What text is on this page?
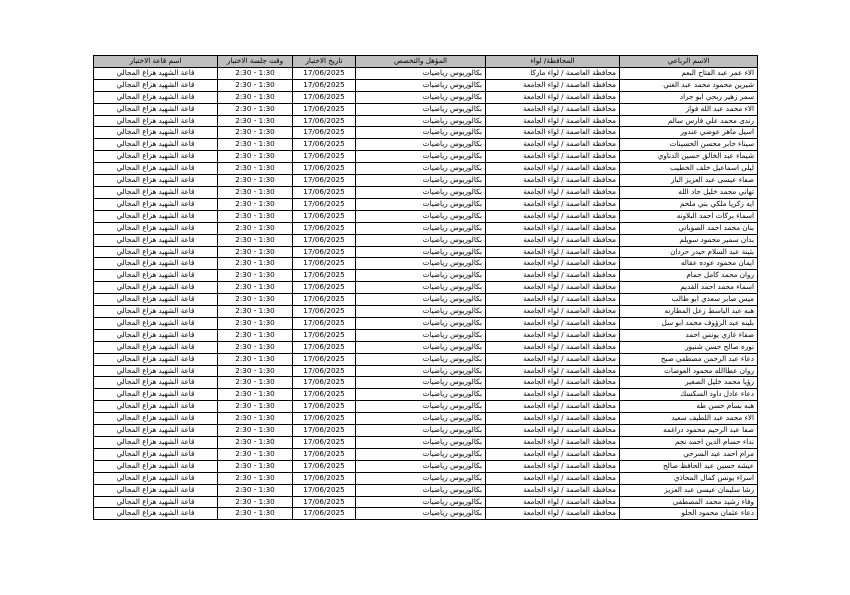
الاسم الرباعي	المحافظة/ لواء	المؤهل والتخصص	تاريخ الاختبار	وقت جلسة الاختبار	اسم قاعة الاختبار
الاء عمر عبد الفتاح البعم	محافظة العاصمة / لواء ماركا	بكالوريوس رياضيات	17/06/2025	1:30 - 2:30	قاعة الشهيد هزاع المجالي
شيرين محمود محمد عبد الغني	محافظة العاصمة / لواء الجامعة	بكالوريوس رياضيات	17/06/2025	1:30 - 2:30	قاعة الشهيد هزاع المجالي
سمر زهير ربحي ابو جراد	محافظة العاصمة / لواء الجامعة	بكالوريوس رياضيات	17/06/2025	1:30 - 2:30	قاعة الشهيد هزاع المجالي
الاء محمد عبد الله فواز	محافظة العاصمة / لواء الجامعة	بكالوريوس رياضيات	17/06/2025	1:30 - 2:30	قاعة الشهيد هزاع المجالي
رندى محمد علي فارس سالم	محافظة العاصمة / لواء الجامعة	بكالوريوس رياضيات	17/06/2025	1:30 - 2:30	قاعة الشهيد هزاع المجالي
اسيل ماهر عوضي عندور	محافظة العاصمة / لواء الجامعة	بكالوريوس رياضيات	17/06/2025	1:30 - 2:30	قاعة الشهيد هزاع المجالي
سيناء جابر محسن الحسينات	محافظة العاصمة / لواء الجامعة	بكالوريوس رياضيات	17/06/2025	1:30 - 2:30	قاعة الشهيد هزاع المجالي
شيماء عبد الخالق حسين الدناوي	محافظة العاصمة / لواء الجامعة	بكالوريوس رياضيات	17/06/2025	1:30 - 2:30	قاعة الشهيد هزاع المجالي
ليلى اسماعيل خلف الخطيب	محافظة العاصمة / لواء الجامعة	بكالوريوس رياضيات	17/06/2025	1:30 - 2:30	قاعة الشهيد هزاع المجالي
صفاء عيسى عبد العزيز الباز	محافظة العاصمة / لواء الجامعة	بكالوريوس رياضيات	17/06/2025	1:30 - 2:30	قاعة الشهيد هزاع المجالي
تهاني محمد خليل جاد الله	محافظة العاصمة / لواء الجامعة	بكالوريوس رياضيات	17/06/2025	1:30 - 2:30	قاعة الشهيد هزاع المجالي
ايه زكريا ملكي بني ملحم	محافظة العاصمة / لواء الجامعة	بكالوريوس رياضيات	17/06/2025	1:30 - 2:30	قاعة الشهيد هزاع المجالي
اسماء بركات احمد البلاونه	محافظة العاصمة / لواء الجامعة	بكالوريوس رياضيات	17/06/2025	1:30 - 2:30	قاعة الشهيد هزاع المجالي
بنان محمد احمد الصوباني	محافظة العاصمة / لواء الجامعة	بكالوريوس رياضيات	17/06/2025	1:30 - 2:30	قاعة الشهيد هزاع المجالي
بدان سمير محمود سويلم	محافظة العاصمة / لواء الجامعة	بكالوريوس رياضيات	17/06/2025	1:30 - 2:30	قاعة الشهيد هزاع المجالي
بثينة عبد السلام حيدر حردان	محافظة العاصمة / لواء الجامعة	بكالوريوس رياضيات	17/06/2025	1:30 - 2:30	قاعة الشهيد هزاع المجالي
ايمان محمود عوده عقاله	محافظة العاصمة / لواء الجامعة	بكالوريوس رياضيات	17/06/2025	1:30 - 2:30	قاعة الشهيد هزاع المجالي
روان محمد كامل حمام	محافظة العاصمة / لواء الجامعة	بكالوريوس رياضيات	17/06/2025	1:30 - 2:30	قاعة الشهيد هزاع المجالي
اسماء محمد احمد القديم	محافظة العاصمة / لواء الجامعة	بكالوريوس رياضيات	17/06/2025	1:30 - 2:30	قاعة الشهيد هزاع المجالي
ميس صابر سعدي ابو طالب	محافظة العاصمة / لواء الجامعة	بكالوريوس رياضيات	17/06/2025	1:30 - 2:30	قاعة الشهيد هزاع المجالي
هبه عبد الباسط زعل المطارنه	محافظة العاصمة / لواء الجامعة	بكالوريوس رياضيات	17/06/2025	1:30 - 2:30	قاعة الشهيد هزاع المجالي
بلينه عبد الرؤوف محمد ابو سل	محافظة العاصمة / لواء الجامعة	بكالوريوس رياضيات	17/06/2025	1:30 - 2:30	قاعة الشهيد هزاع المجالي
صفاء غازي يونس احمد	محافظة العاصمة / لواء الجامعة	بكالوريوس رياضيات	17/06/2025	1:30 - 2:30	قاعة الشهيد هزاع المجالي
نوره صالح حسن شنبور	محافظة العاصمة / لواء الجامعة	بكالوريوس رياضيات	17/06/2025	1:30 - 2:30	قاعة الشهيد هزاع المجالي
دعاء عبد الرحمن مصطفى صبح	محافظة العاصمة / لواء الجامعة	بكالوريوس رياضيات	17/06/2025	1:30 - 2:30	قاعة الشهيد هزاع المجالي
روان عطاالله محمود العوضات	محافظة العاصمة / لواء الجامعة	بكالوريوس رياضيات	17/06/2025	1:30 - 2:30	قاعة الشهيد هزاع المجالي
رؤيا محمد خليل الصغير	محافظة العاصمة / لواء الجامعة	بكالوريوس رياضيات	17/06/2025	1:30 - 2:30	قاعة الشهيد هزاع المجالي
دعاء عادل داود السكسك	محافظة العاصمة / لواء الجامعة	بكالوريوس رياضيات	17/06/2025	1:30 - 2:30	قاعة الشهيد هزاع المجالي
هبه بسام حسن طه	محافظة العاصمة / لواء الجامعة	بكالوريوس رياضيات	17/06/2025	1:30 - 2:30	قاعة الشهيد هزاع المجالي
الاء محمد عبد اللطيف سعيد	محافظة العاصمة / لواء الجامعة	بكالوريوس رياضيات	17/06/2025	1:30 - 2:30	قاعة الشهيد هزاع المجالي
صفا عبد الرحيم محمود دراغمه	محافظة العاصمة / لواء الجامعة	بكالوريوس رياضيات	17/06/2025	1:30 - 2:30	قاعة الشهيد هزاع المجالي
نداء حسام الدين احمد نجم	محافظة العاصمة / لواء الجامعة	بكالوريوس رياضيات	17/06/2025	1:30 - 2:30	قاعة الشهيد هزاع المجالي
مرام احمد عبد السرحي	محافظة العاصمة / لواء الجامعة	بكالوريوس رياضيات	17/06/2025	1:30 - 2:30	قاعة الشهيد هزاع المجالي
عيشه حسين عبد الحافظ صالح	محافظة العاصمة / لواء الجامعة	بكالوريوس رياضيات	17/06/2025	1:30 - 2:30	قاعة الشهيد هزاع المجالي
اسراء يونس كمال المحاذي	محافظة العاصمة / لواء الجامعة	بكالوريوس رياضيات	17/06/2025	1:30 - 2:30	قاعة الشهيد هزاع المجالي
رشا سليمان عيسى عبد العزيز	محافظة العاصمة / لواء الجامعة	بكالوريوس رياضيات	17/06/2025	1:30 - 2:30	قاعة الشهيد هزاع المجالي
وفاء رشيد محمد المصطفى	محافظة العاصمة / لواء الجامعة	بكالوريوس رياضيات	17/06/2025	1:30 - 2:30	قاعة الشهيد هزاع المجالي
دعاء عثمان محمود الحلو	محافظة العاصمة / لواء الجامعة	بكالوريوس رياضيات	17/06/2025	1:30 - 2:30	قاعة الشهيد هزاع المجالي
